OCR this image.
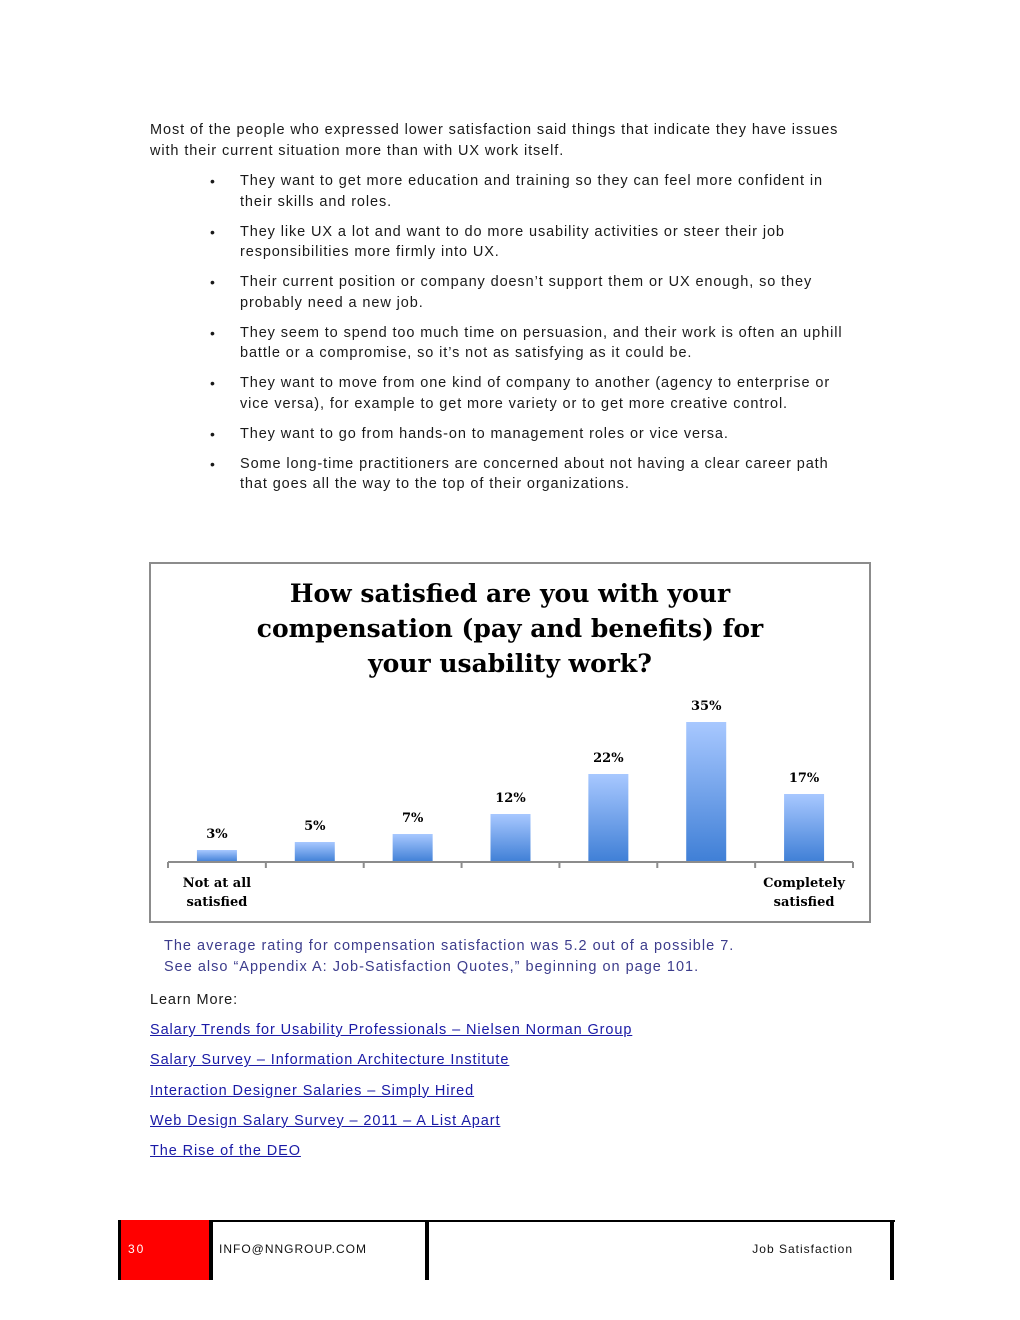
Most of the people who expressed lower satisfaction said things that indicate they have issues with their current situation more than with UX work itself.

• They want to get more education and training so they can feel more confident in their skills and roles.
• They like UX a lot and want to do more usability activities or steer their job responsibilities more firmly into UX.
• Their current position or company doesn’t support them or UX enough, so they probably need a new job.
• They seem to spend too much time on persuasion, and their work is often an uphill battle or a compromise, so it’s not as satisfying as it could be.
• They want to move from one kind of company to another (agency to enterprise or vice versa), for example to get more variety or to get more creative control.
• They want to go from hands-on to management roles or vice versa.
• Some long-time practitioners are concerned about not having a clear career path that goes all the way to the top of their organizations.
How satisfied are you with your
compensation (pay and benefits) for
your usability work?
3%
5%
7%
12%
22%
35%
17%
Not at all
satisfied
Completely
satisfied
The average rating for compensation satisfaction was 5.2 out of a possible 7.
See also “Appendix A: Job-Satisfaction Quotes,” beginning on page 101.
Learn More:
Salary Trends for Usability Professionals – Nielsen Norman Group
Salary Survey – Information Architecture Institute
Interaction Designer Salaries – Simply Hired
Web Design Salary Survey – 2011 – A List Apart
The Rise of the DEO
30	INFO@NNGROUP.COM	Job Satisfaction
